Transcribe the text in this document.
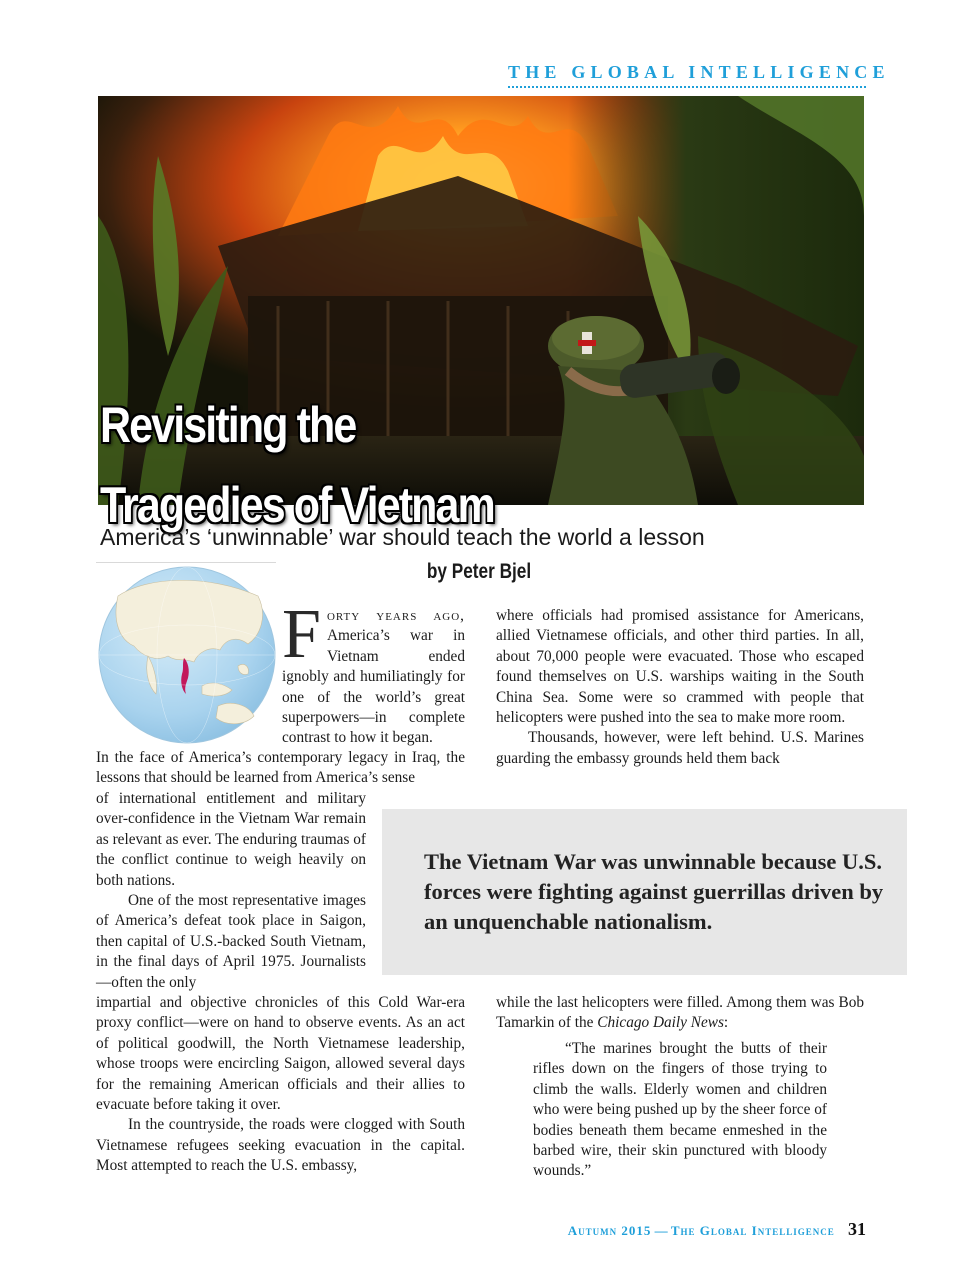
THE GLOBAL INTELLIGENCE
Revisiting the
Tragedies of Vietnam
America’s ‘unwinnable’ war should teach the world a lesson
by Peter Bjel
F orty years ago, America’s war in Vietnam ended ignobly and humiliatingly for one of the world’s great superpowers—in complete contrast to how it began.
In the face of America’s contemporary legacy in Iraq, the lessons that should be learned from America’s sense
of international entitlement and military over-confidence in the Vietnam War remain as relevant as ever. The enduring traumas of the conflict continue to weigh heavily on both nations.

One of the most representative images of America’s defeat took place in Saigon, then capital of U.S.-backed South Vietnam, in the final days of April 1975. Journalists—often the only

impartial and objective chronicles of this Cold War-era proxy conflict—were on hand to observe events. As an act of political goodwill, the North Vietnamese leadership, whose troops were encircling Saigon, allowed several days for the remaining American officials and their allies to evacuate before taking it over.

In the countryside, the roads were clogged with South Vietnamese refugees seeking evacuation in the capital. Most attempted to reach the U.S. embassy,

where officials had promised assistance for Americans, allied Vietnamese officials, and other third parties. In all, about 70,000 people were evacuated. Those who escaped found themselves on U.S. warships waiting in the South China Sea. Some were so crammed with people that helicopters were pushed into the sea to make more room.

Thousands, however, were left behind. U.S. Marines guarding the embassy grounds held them back

while the last helicopters were filled. Among them was Bob Tamarkin of the Chicago Daily News:

The Vietnam War was unwinnable because U.S. forces were fighting against guerrillas driven by an unquenchable nationalism.

“The marines brought the butts of their rifles down on the fingers of those trying to climb the walls. Elderly women and children who were being pushed up by the sheer force of bodies beneath them became enmeshed in the barbed wire, their skin punctured with bloody wounds.”

Autumn 2015 — The Global Intelligence 31
